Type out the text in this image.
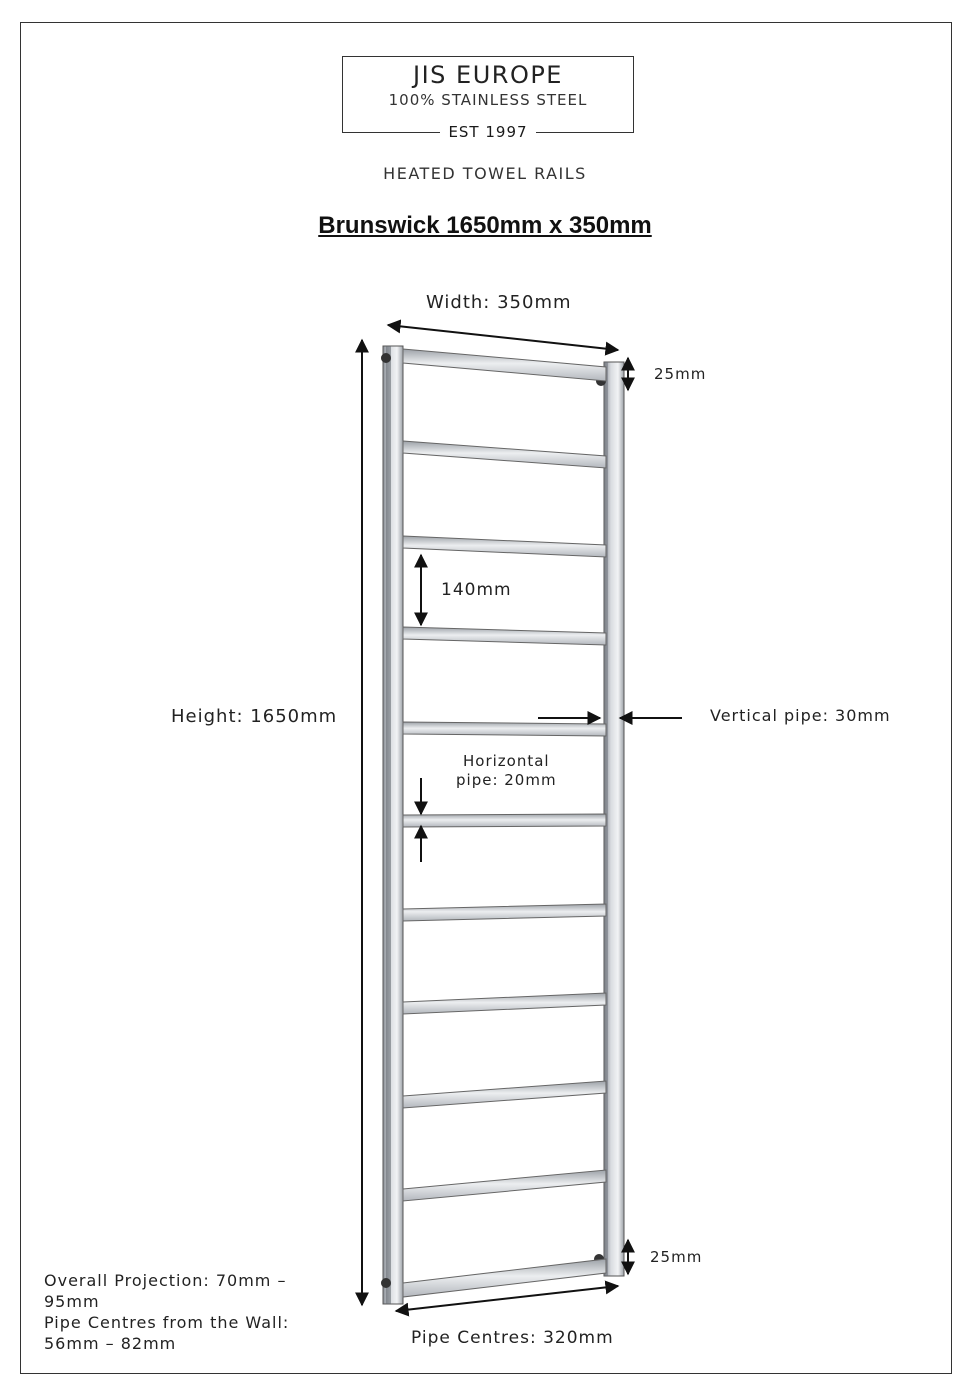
JIS EUROPE
100% STAINLESS STEEL
EST 1997
HEATED TOWEL RAILS
Brunswick 1650mm x 350mm
Width: 350mm
Height: 1650mm
25mm
25mm
140mm
Vertical pipe: 30mm
Horizontal
pipe: 20mm
Pipe Centres: 320mm
Overall Projection: 70mm – 95mm
Pipe Centres from the Wall: 56mm – 82mm
